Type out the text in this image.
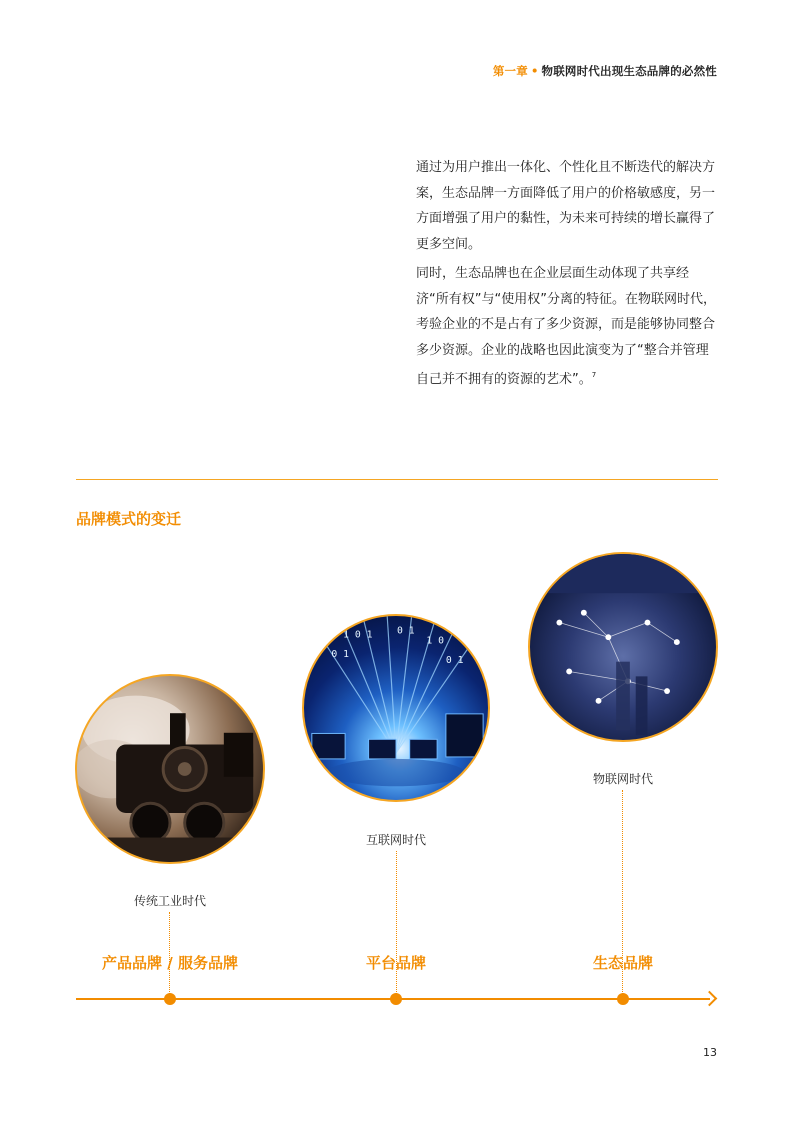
第一章 • 物联网时代出现生态品牌的必然性

通过为用户推出一体化、个性化且不断迭代的解决方案，生态品牌一方面降低了用户的价格敏感度，另一方面增强了用户的黏性，为未来可持续的增长赢得了更多空间。

同时，生态品牌也在企业层面生动体现了共享经济“所有权”与“使用权”分离的特征。在物联网时代，考验企业的不是占有了多少资源，而是能够协同整合多少资源。企业的战略也因此演变为了“整合并管理自己并不拥有的资源的艺术”。$^7$

品牌模式的变迁
传统工业时代
1 0 1 0 1
1 0
0 1
0 1
互联网时代
物联网时代
产品品牌 / 服务品牌	平台品牌	生态品牌
13
